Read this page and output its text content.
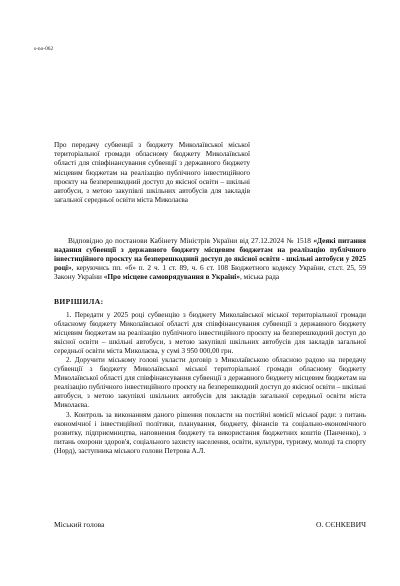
s-no-062
Про передачу субвенції з бюджету Миколаївської міської територіальної громади обласному бюджету Миколаївської області для співфінансування субвенції з державного бюджету місцевим бюджетам на реалізацію публічного інвестиційного проєкту на безперешкодний доступ до якісної освіти – шкільні автобуси, з метою закупівлі шкільних автобусів для закладів загальної середньої освіти міста Миколаєва

Відповідно до постанови Кабінету Міністрів України від 27.12.2024 № 1518 «Деякі питання надання субвенції з державного бюджету місцевим бюджетам на реалізацію публічного інвестиційного проєкту на безперешкодний доступ до якісної освіти - шкільні автобуси у 2025 році», керуючись пп. «б» п. 2 ч. 1 ст. 89, ч. 6 ст. 108 Бюджетного кодексу України, ст.ст. 25, 59 Закону України «Про місцеве самоврядування в Україні», міська рада

ВИРІШИЛА:

1. Передати у 2025 році субвенцію з бюджету Миколаївської міської територіальної громади обласному бюджету Миколаївської області для співфінансування субвенції з державного бюджету місцевим бюджетам на реалізацію публічного інвестиційного проєкту на безперешкодний доступ до якісної освіти – шкільні автобуси, з метою закупівлі шкільних автобусів для закладів загальної середньої освіти міста Миколаєва, у сумі 3 950 000,00 грн.

2. Доручити міському голові укласти договір з Миколаївською обласною радою на передачу субвенції з бюджету Миколаївської міської територіальної громади обласному бюджету Миколаївської області для співфінансування субвенції з державного бюджету місцевим бюджетам на реалізацію публічного інвестиційного проєкту на безперешкодний доступ до якісної освіти – шкільні автобуси, з метою закупівлі шкільних автобусів для закладів загальної середньої освіти міста Миколаєва.

3. Контроль за виконанням даного рішення покласти на постійні комісії міської ради: з питань економічної і інвестиційної політики, планування, бюджету, фінансів та соціально-економічного розвитку, підприємництва, наповнення бюджету та використання бюджетних коштів (Панченко), з питань охорони здоров'я, соціального захисту населення, освіти, культури, туризму, молоді та спорту (Норд), заступника міського голови Петрова А.Л.

Міський голова	О. СЄНКЕВИЧ
